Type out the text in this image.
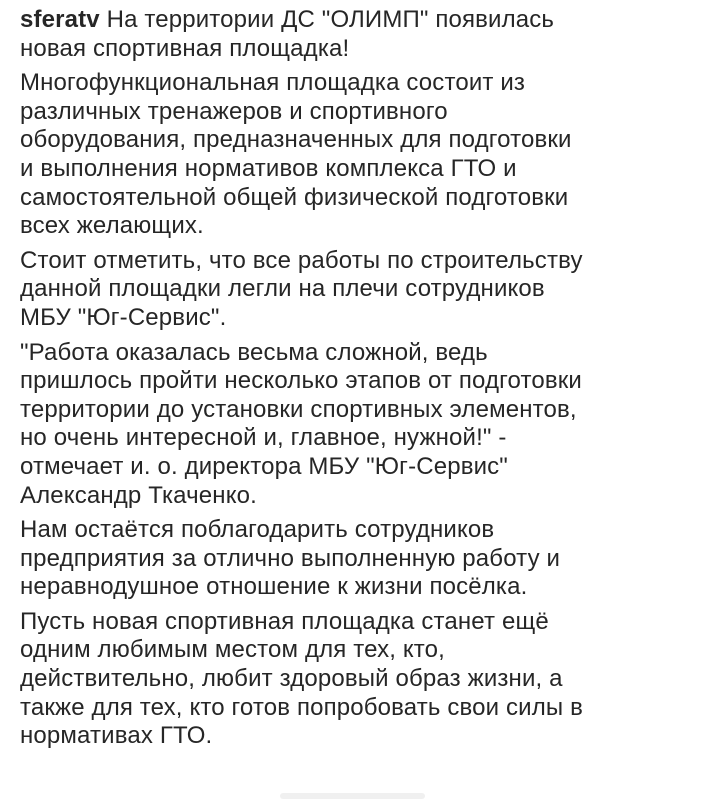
sferatv На территории ДС "ОЛИМП" появилась
новая спортивная площадка!

Многофункциональная площадка состоит из
различных тренажеров и спортивного
оборудования, предназначенных для подготовки
и выполнения нормативов комплекса ГТО и
самостоятельной общей физической подготовки
всех желающих.

Стоит отметить, что все работы по строительству
данной площадки легли на плечи сотрудников
МБУ "Юг-Сервис".

"Работа оказалась весьма сложной, ведь
пришлось пройти несколько этапов от подготовки
территории до установки спортивных элементов,
но очень интересной и, главное, нужной!" -
отмечает и. о. директора МБУ "Юг-Сервис"
Александр Ткаченко.

Нам остаётся поблагодарить сотрудников
предприятия за отлично выполненную работу и
неравнодушное отношение к жизни посёлка.

Пусть новая спортивная площадка станет ещё
одним любимым местом для тех, кто,
действительно, любит здоровый образ жизни, а
также для тех, кто готов попробовать свои силы в
нормативах ГТО.
